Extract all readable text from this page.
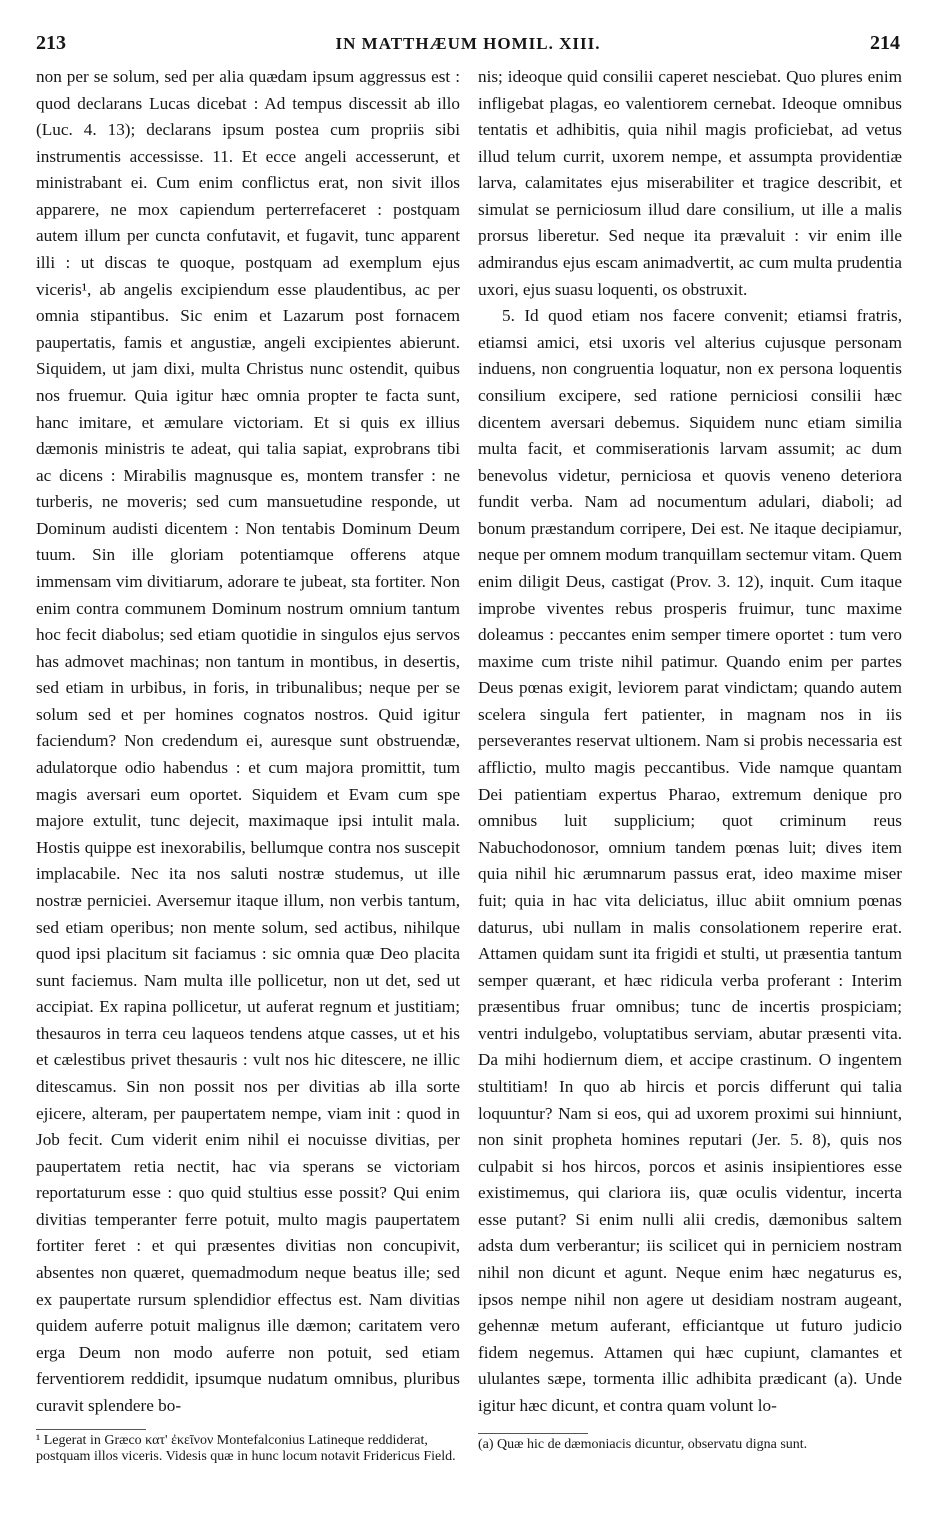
213	IN MATTHÆUM HOMIL. XIII.	214

non per se solum, sed per alia quædam ipsum aggressus est : quod declarans Lucas dicebat : Ad tempus discessit ab illo (Luc. 4. 13); declarans ipsum postea cum propriis sibi instrumentis accessisse. 11. Et ecce angeli accesserunt, et ministrabant ei. Cum enim conflictus erat, non sivit illos apparere, ne mox capiendum perterrefaceret : postquam autem illum per cuncta confutavit, et fugavit, tunc apparent illi : ut discas te quoque, postquam ad exemplum ejus viceris¹, ab angelis excipiendum esse plaudentibus, ac per omnia stipantibus. Sic enim et Lazarum post fornacem paupertatis, famis et angustiæ, angeli excipientes abierunt. Siquidem, ut jam dixi, multa Christus nunc ostendit, quibus nos fruemur. Quia igitur hæc omnia propter te facta sunt, hanc imitare, et æmulare victoriam. Et si quis ex illius dæmonis ministris te adeat, qui talia sapiat, exprobrans tibi ac dicens : Mirabilis magnusque es, montem transfer : ne turberis, ne moveris; sed cum mansuetudine responde, ut Dominum audisti dicentem : Non tentabis Dominum Deum tuum. Sin ille gloriam potentiamque offerens atque immensam vim divitiarum, adorare te jubeat, sta fortiter. Non enim contra communem Dominum nostrum omnium tantum hoc fecit diabolus; sed etiam quotidie in singulos ejus servos has admovet machinas; non tantum in montibus, in desertis, sed etiam in urbibus, in foris, in tribunalibus; neque per se solum sed et per homines cognatos nostros. Quid igitur faciendum? Non credendum ei, auresque sunt obstruendæ, adulatorque odio habendus : et cum majora promittit, tum magis aversari eum oportet. Siquidem et Evam cum spe majore extulit, tunc dejecit, maximaque ipsi intulit mala. Hostis quippe est inexorabilis, bellumque contra nos suscepit implacabile. Nec ita nos saluti nostræ studemus, ut ille nostræ perniciei. Aversemur itaque illum, non verbis tantum, sed etiam operibus; non mente solum, sed actibus, nihilque quod ipsi placitum sit faciamus : sic omnia quæ Deo placita sunt faciemus. Nam multa ille pollicetur, non ut det, sed ut accipiat. Ex rapina pollicetur, ut auferat regnum et justitiam; thesauros in terra ceu laqueos tendens atque casses, ut et his et cælestibus privet thesauris : vult nos hic ditescere, ne illic ditescamus. Sin non possit nos per divitias ab illa sorte ejicere, alteram, per paupertatem nempe, viam init : quod in Job fecit. Cum viderit enim nihil ei nocuisse divitias, per paupertatem retia nectit, hac via sperans se victoriam reportaturum esse : quo quid stultius esse possit? Qui enim divitias temperanter ferre potuit, multo magis paupertatem fortiter feret : et qui præsentes divitias non concupivit, absentes non quæret, quemadmodum neque beatus ille; sed ex paupertate rursum splendidior effectus est. Nam divitias quidem auferre potuit malignus ille dæmon; caritatem vero erga Deum non modo auferre non potuit, sed etiam ferventiorem reddidit, ipsumque nudatum omnibus, pluribus curavit splendere bo-

nis; ideoque quid consilii caperet nesciebat. Quo plures enim infligebat plagas, eo valentiorem cernebat. Ideoque omnibus tentatis et adhibitis, quia nihil magis proficiebat, ad vetus illud telum currit, uxorem nempe, et assumpta providentiæ larva, calamitates ejus miserabiliter et tragice describit, et simulat se perniciosum illud dare consilium, ut ille a malis prorsus liberetur. Sed neque ita prævaluit : vir enim ille admirandus ejus escam animadvertit, ac cum multa prudentia uxori, ejus suasu loquenti, os obstruxit.

5. Id quod etiam nos facere convenit; etiamsi fratris, etiamsi amici, etsi uxoris vel alterius cujusque personam induens, non congruentia loquatur, non ex persona loquentis consilium excipere, sed ratione perniciosi consilii hæc dicentem aversari debemus. Siquidem nunc etiam similia multa facit, et commiserationis larvam assumit; ac dum benevolus videtur, perniciosa et quovis veneno deteriora fundit verba. Nam ad nocumentum adulari, diaboli; ad bonum præstandum corripere, Dei est. Ne itaque decipiamur, neque per omnem modum tranquillam sectemur vitam. Quem enim diligit Deus, castigat (Prov. 3. 12), inquit. Cum itaque improbe viventes rebus prosperis fruimur, tunc maxime doleamus : peccantes enim semper timere oportet : tum vero maxime cum triste nihil patimur. Quando enim per partes Deus pœnas exigit, leviorem parat vindictam; quando autem scelera singula fert patienter, in magnam nos in iis perseverantes reservat ultionem. Nam si probis necessaria est afflictio, multo magis peccantibus. Vide namque quantam Dei patientiam expertus Pharao, extremum denique pro omnibus luit supplicium; quot criminum reus Nabuchodonosor, omnium tandem pœnas luit; dives item quia nihil hic ærumnarum passus erat, ideo maxime miser fuit; quia in hac vita deliciatus, illuc abiit omnium pœnas daturus, ubi nullam in malis consolationem reperire erat. Attamen quidam sunt ita frigidi et stulti, ut præsentia tantum semper quærant, et hæc ridicula verba proferant : Interim præsentibus fruar omnibus; tunc de incertis prospiciam; ventri indulgebo, voluptatibus serviam, abutar præsenti vita. Da mihi hodiernum diem, et accipe crastinum. O ingentem stultitiam! In quo ab hircis et porcis differunt qui talia loquuntur? Nam si eos, qui ad uxorem proximi sui hinniunt, non sinit propheta homines reputari (Jer. 5. 8), quis nos culpabit si hos hircos, porcos et asinis insipientiores esse existimemus, qui clariora iis, quæ oculis videntur, incerta esse putant? Si enim nulli alii credis, dæmonibus saltem adsta dum verberantur; iis scilicet qui in perniciem nostram nihil non dicunt et agunt. Neque enim hæc negaturus es, ipsos nempe nihil non agere ut desidiam nostram augeant, gehennæ metum auferant, efficiantque ut futuro judicio fidem negemus. Attamen qui hæc cupiunt, clamantes et ululantes sæpe, tormenta illic adhibita prædicant (a). Unde igitur hæc dicunt, et contra quam volunt lo-

¹ Legerat in Græco κατ' ἐκεῖνον Montefalconius Latineque reddiderat, postquam illos viceris. Videsis quæ in hunc locum notavit Fridericus Field.
(a) Quæ hic de dæmoniacis dicuntur, observatu digna sunt.
